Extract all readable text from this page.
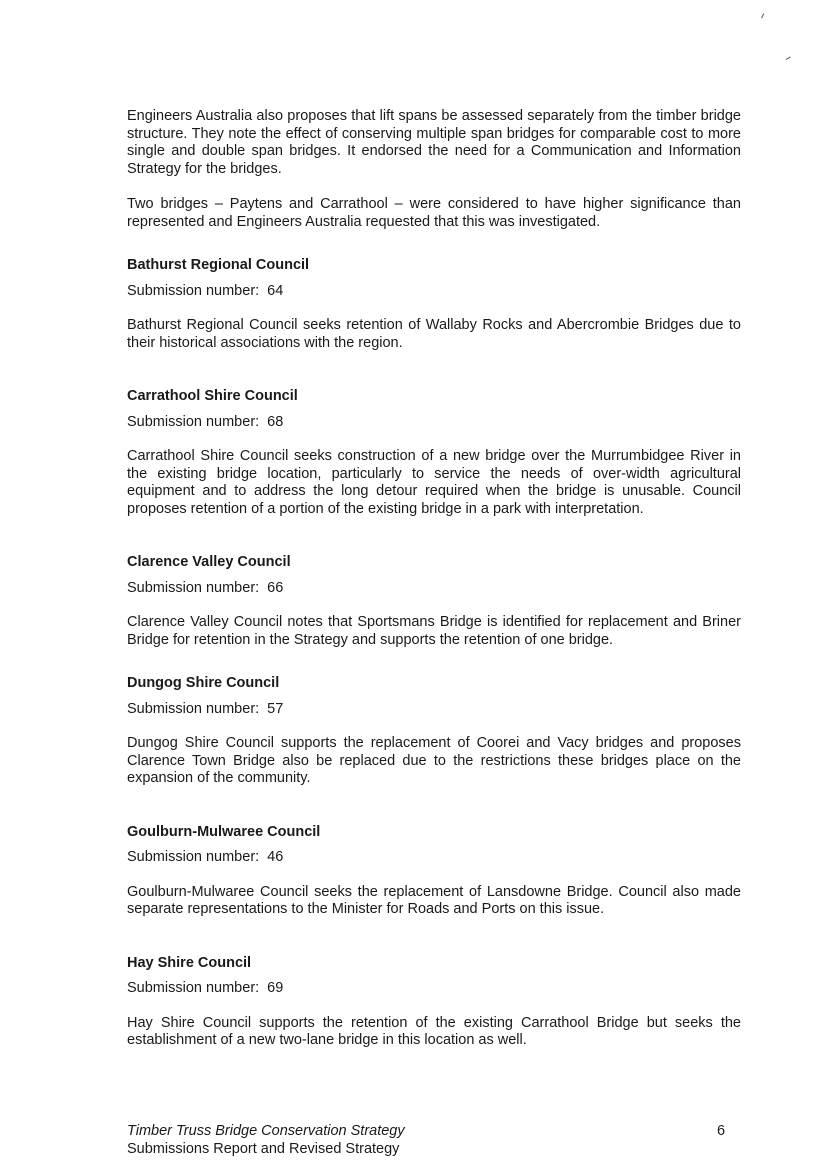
Engineers Australia also proposes that lift spans be assessed separately from the timber bridge structure. They note the effect of conserving multiple span bridges for comparable cost to more single and double span bridges. It endorsed the need for a Communication and Information Strategy for the bridges.

Two bridges – Paytens and Carrathool – were considered to have higher significance than represented and Engineers Australia requested that this was investigated.

Bathurst Regional Council

Submission number: 64

Bathurst Regional Council seeks retention of Wallaby Rocks and Abercrombie Bridges due to their historical associations with the region.

Carrathool Shire Council

Submission number: 68

Carrathool Shire Council seeks construction of a new bridge over the Murrumbidgee River in the existing bridge location, particularly to service the needs of over-width agricultural equipment and to address the long detour required when the bridge is unusable. Council proposes retention of a portion of the existing bridge in a park with interpretation.

Clarence Valley Council

Submission number: 66

Clarence Valley Council notes that Sportsmans Bridge is identified for replacement and Briner Bridge for retention in the Strategy and supports the retention of one bridge.

Dungog Shire Council

Submission number: 57

Dungog Shire Council supports the replacement of Coorei and Vacy bridges and proposes Clarence Town Bridge also be replaced due to the restrictions these bridges place on the expansion of the community.

Goulburn-Mulwaree Council

Submission number: 46

Goulburn-Mulwaree Council seeks the replacement of Lansdowne Bridge. Council also made separate representations to the Minister for Roads and Ports on this issue.

Hay Shire Council

Submission number: 69

Hay Shire Council supports the retention of the existing Carrathool Bridge but seeks the establishment of a new two-lane bridge in this location as well.

Timber Truss Bridge Conservation Strategy
Submissions Report and Revised Strategy
6
